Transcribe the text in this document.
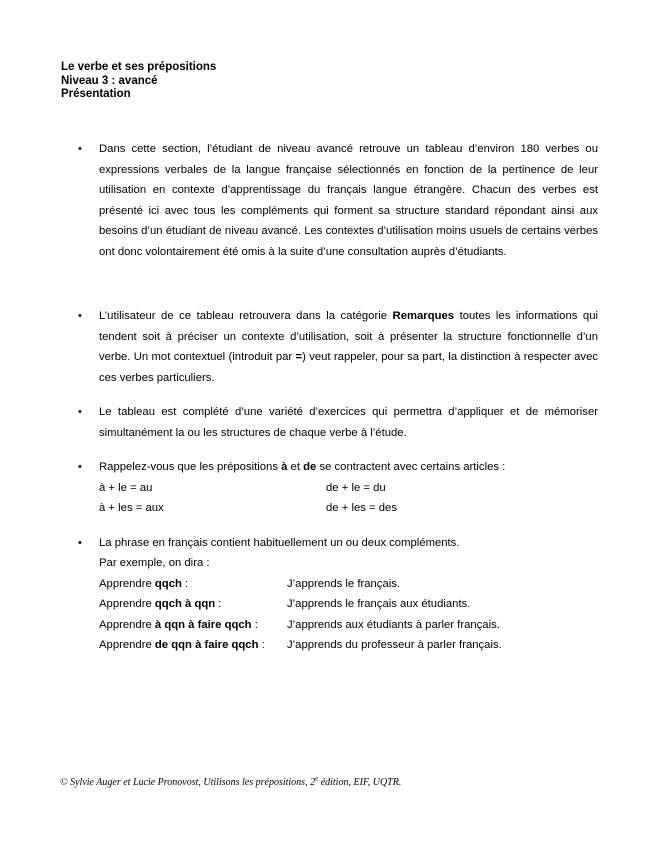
Le verbe et ses prépositions
Niveau 3 : avancé
Présentation
• Dans cette section, l’étudiant de niveau avancé retrouve un tableau d’environ 180 verbes ou expressions verbales de la langue française sélectionnés en fonction de la pertinence de leur utilisation en contexte d’apprentissage du français langue étrangère. Chacun des verbes est présenté ici avec tous les compléments qui forment sa structure standard répondant ainsi aux besoins d’un étudiant de niveau avancé. Les contextes d’utilisation moins usuels de certains verbes ont donc volontairement été omis à la suite d’une consultation auprès d’étudiants.
• L’utilisateur de ce tableau retrouvera dans la catégorie Remarques toutes les informations qui tendent soit à préciser un contexte d’utilisation, soit à présenter la structure fonctionnelle d’un verbe. Un mot contextuel (introduit par =) veut rappeler, pour sa part, la distinction à respecter avec ces verbes particuliers.
• Le tableau est complété d’une variété d’exercices qui permettra d’appliquer et de mémoriser simultanément la ou les structures de chaque verbe à l’étude.
• Rappelez-vous que les prépositions à et de se contractent avec certains articles :
à + le = au	de + le = du
à + les = aux	de + les = des
• La phrase en français contient habituellement un ou deux compléments.
Par exemple, on dira :
Apprendre qqch :	J’apprends le français.
Apprendre qqch à qqn :	J’apprends le français aux étudiants.
Apprendre à qqn à faire qqch :	J’apprends aux étudiants à parler français.
Apprendre de qqn à faire qqch :	J’apprends du professeur à parler français.
© Sylvie Auger et Lucie Pronovost, Utilisons les prépositions, 2e édition, EIF, UQTR.
